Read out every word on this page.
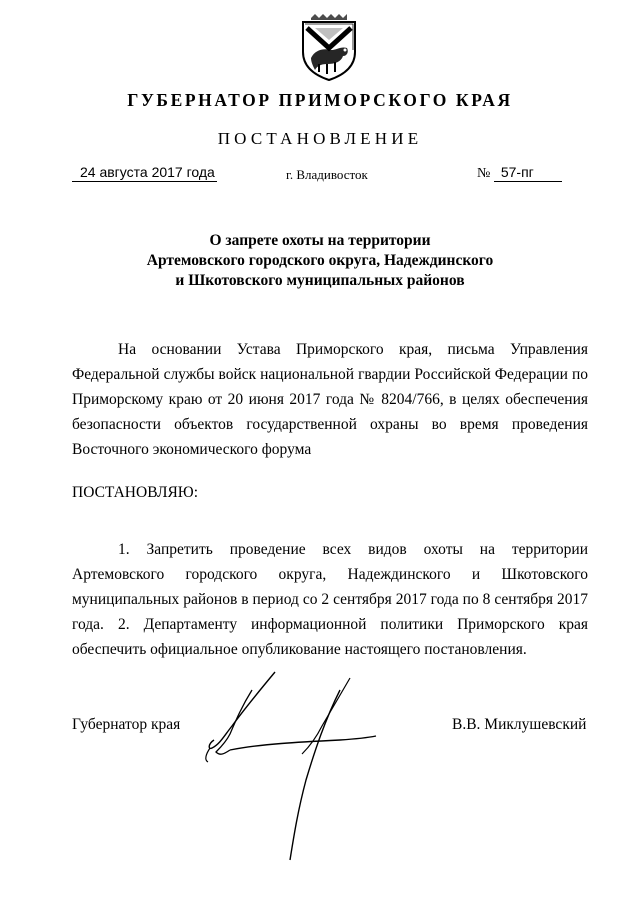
ГУБЕРНАТОР ПРИМОРСКОГО КРАЯ
ПОСТАНОВЛЕНИЕ
24 августа 2017 года	г. Владивосток	№ 57-пг
О запрете охоты на территории
Артемовского городского округа, Надеждинского
и Шкотовского муниципальных районов
На основании Устава Приморского края, письма Управления Федеральной службы войск национальной гвардии Российской Федерации по Приморскому краю от 20 июня 2017 года № 8204/766, в целях обеспечения безопасности объектов государственной охраны во время проведения Восточного экономического форума
ПОСТАНОВЛЯЮ:
1. Запретить проведение всех видов охоты на территории Артемовского городского округа, Надеждинского и Шкотовского муниципальных районов в период со 2 сентября 2017 года по 8 сентября 2017 года. 2. Департаменту информационной политики Приморского края обеспечить официальное опубликование настоящего постановления.
Губернатор края	В.В. Миклушевский
